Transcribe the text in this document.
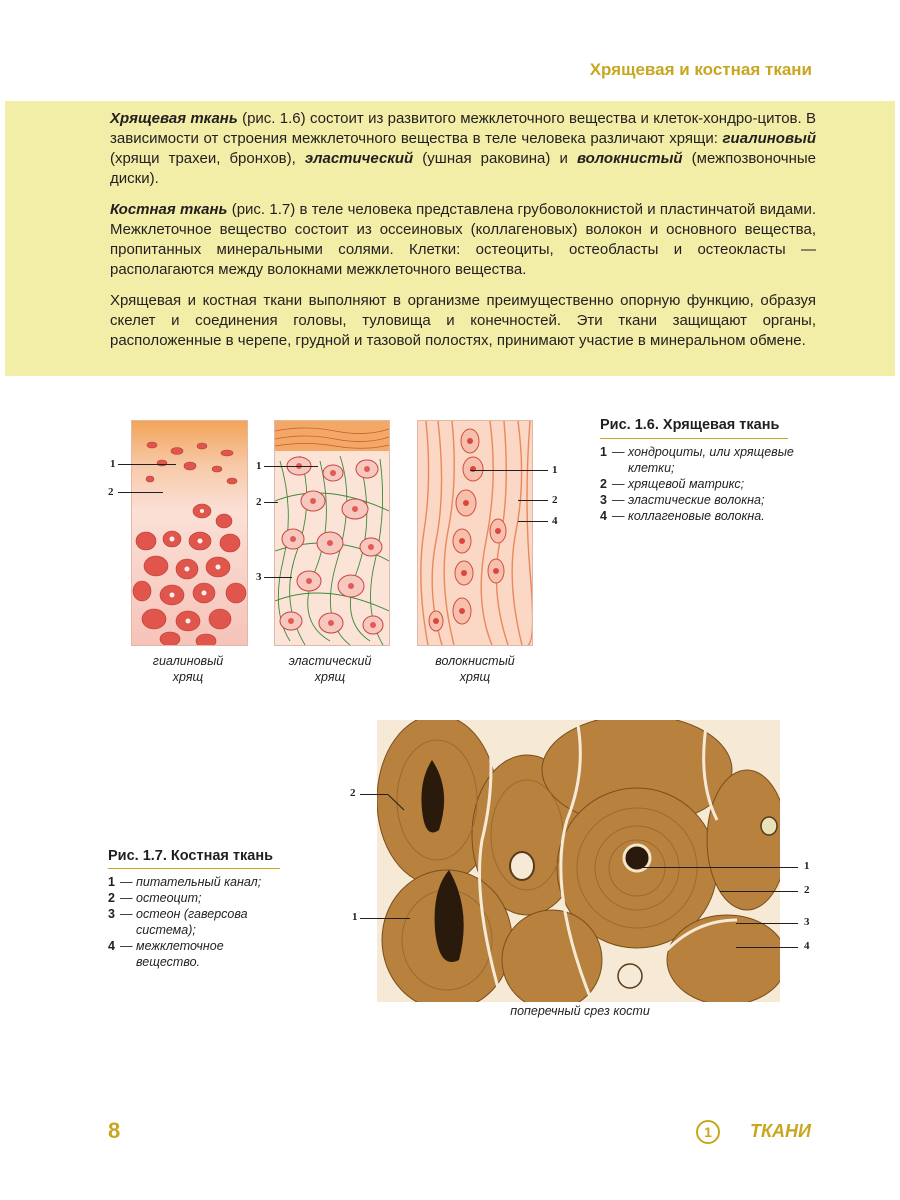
Хрящевая и костная ткани

Хрящевая ткань (рис. 1.6) состоит из развитого межклеточного вещества и клеток-хондро-цитов. В зависимости от строения межклеточного вещества в теле человека различают хрящи: гиалиновый (хрящи трахеи, бронхов), эластический (ушная раковина) и волокнистый (межпозвоночные диски).

Костная ткань (рис. 1.7) в теле человека представлена грубоволокнистой и пластинчатой видами. Межклеточное вещество состоит из оссеиновых (коллагеновых) волокон и основного вещества, пропитанных минеральными солями. Клетки: остеоциты, остеобласты и остеокласты — располагаются между волокнами межклеточного вещества.

Хрящевая и костная ткани выполняют в организме преимущественно опорную функцию, образуя скелет и соединения головы, туловища и конечностей. Эти ткани защищают органы, расположенные в черепе, грудной и тазовой полостях, принимают участие в минеральном обмене.

1
2
гиалиновый
хрящ
1
2
3
эластический
хрящ
1
2
4
волокнистый
хрящ
Рис. 1.6. Хрящевая ткань
1 — хондроциты, или хрящевые клетки;
2 — хрящевой матрикс;
3 — эластические волокна;
4 — коллагеновые волокна.
Рис. 1.7. Костная ткань
1 — питательный канал;
2 — остеоцит;
3 — остеон (гаверсова система);
4 — межклеточное вещество.
2
1
1
2
3
4
поперечный срез кости
8	1	ТКАНИ
